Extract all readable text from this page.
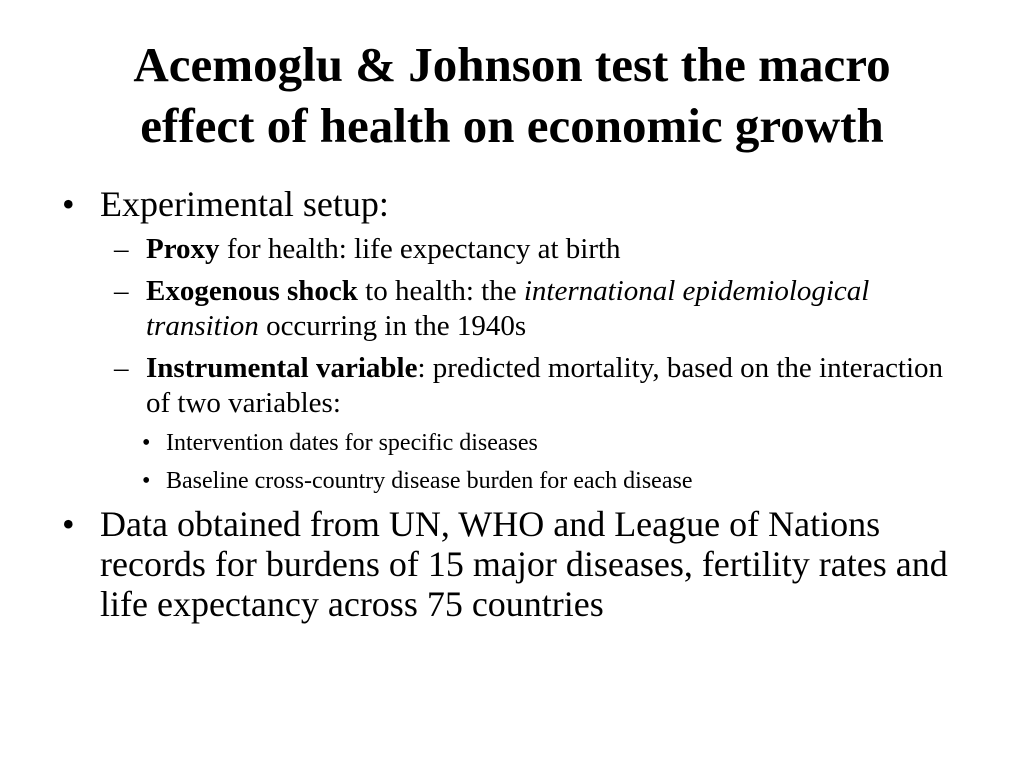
Acemoglu & Johnson test the macro
effect of health on economic growth
• Experimental setup:
– Proxy for health: life expectancy at birth
– Exogenous shock to health: the international epidemiological transition occurring in the 1940s
– Instrumental variable: predicted mortality, based on the interaction of two variables:
• Intervention dates for specific diseases
• Baseline cross-country disease burden for each disease
• Data obtained from UN, WHO and League of Nations records for burdens of 15 major diseases, fertility rates and life expectancy across 75 countries
